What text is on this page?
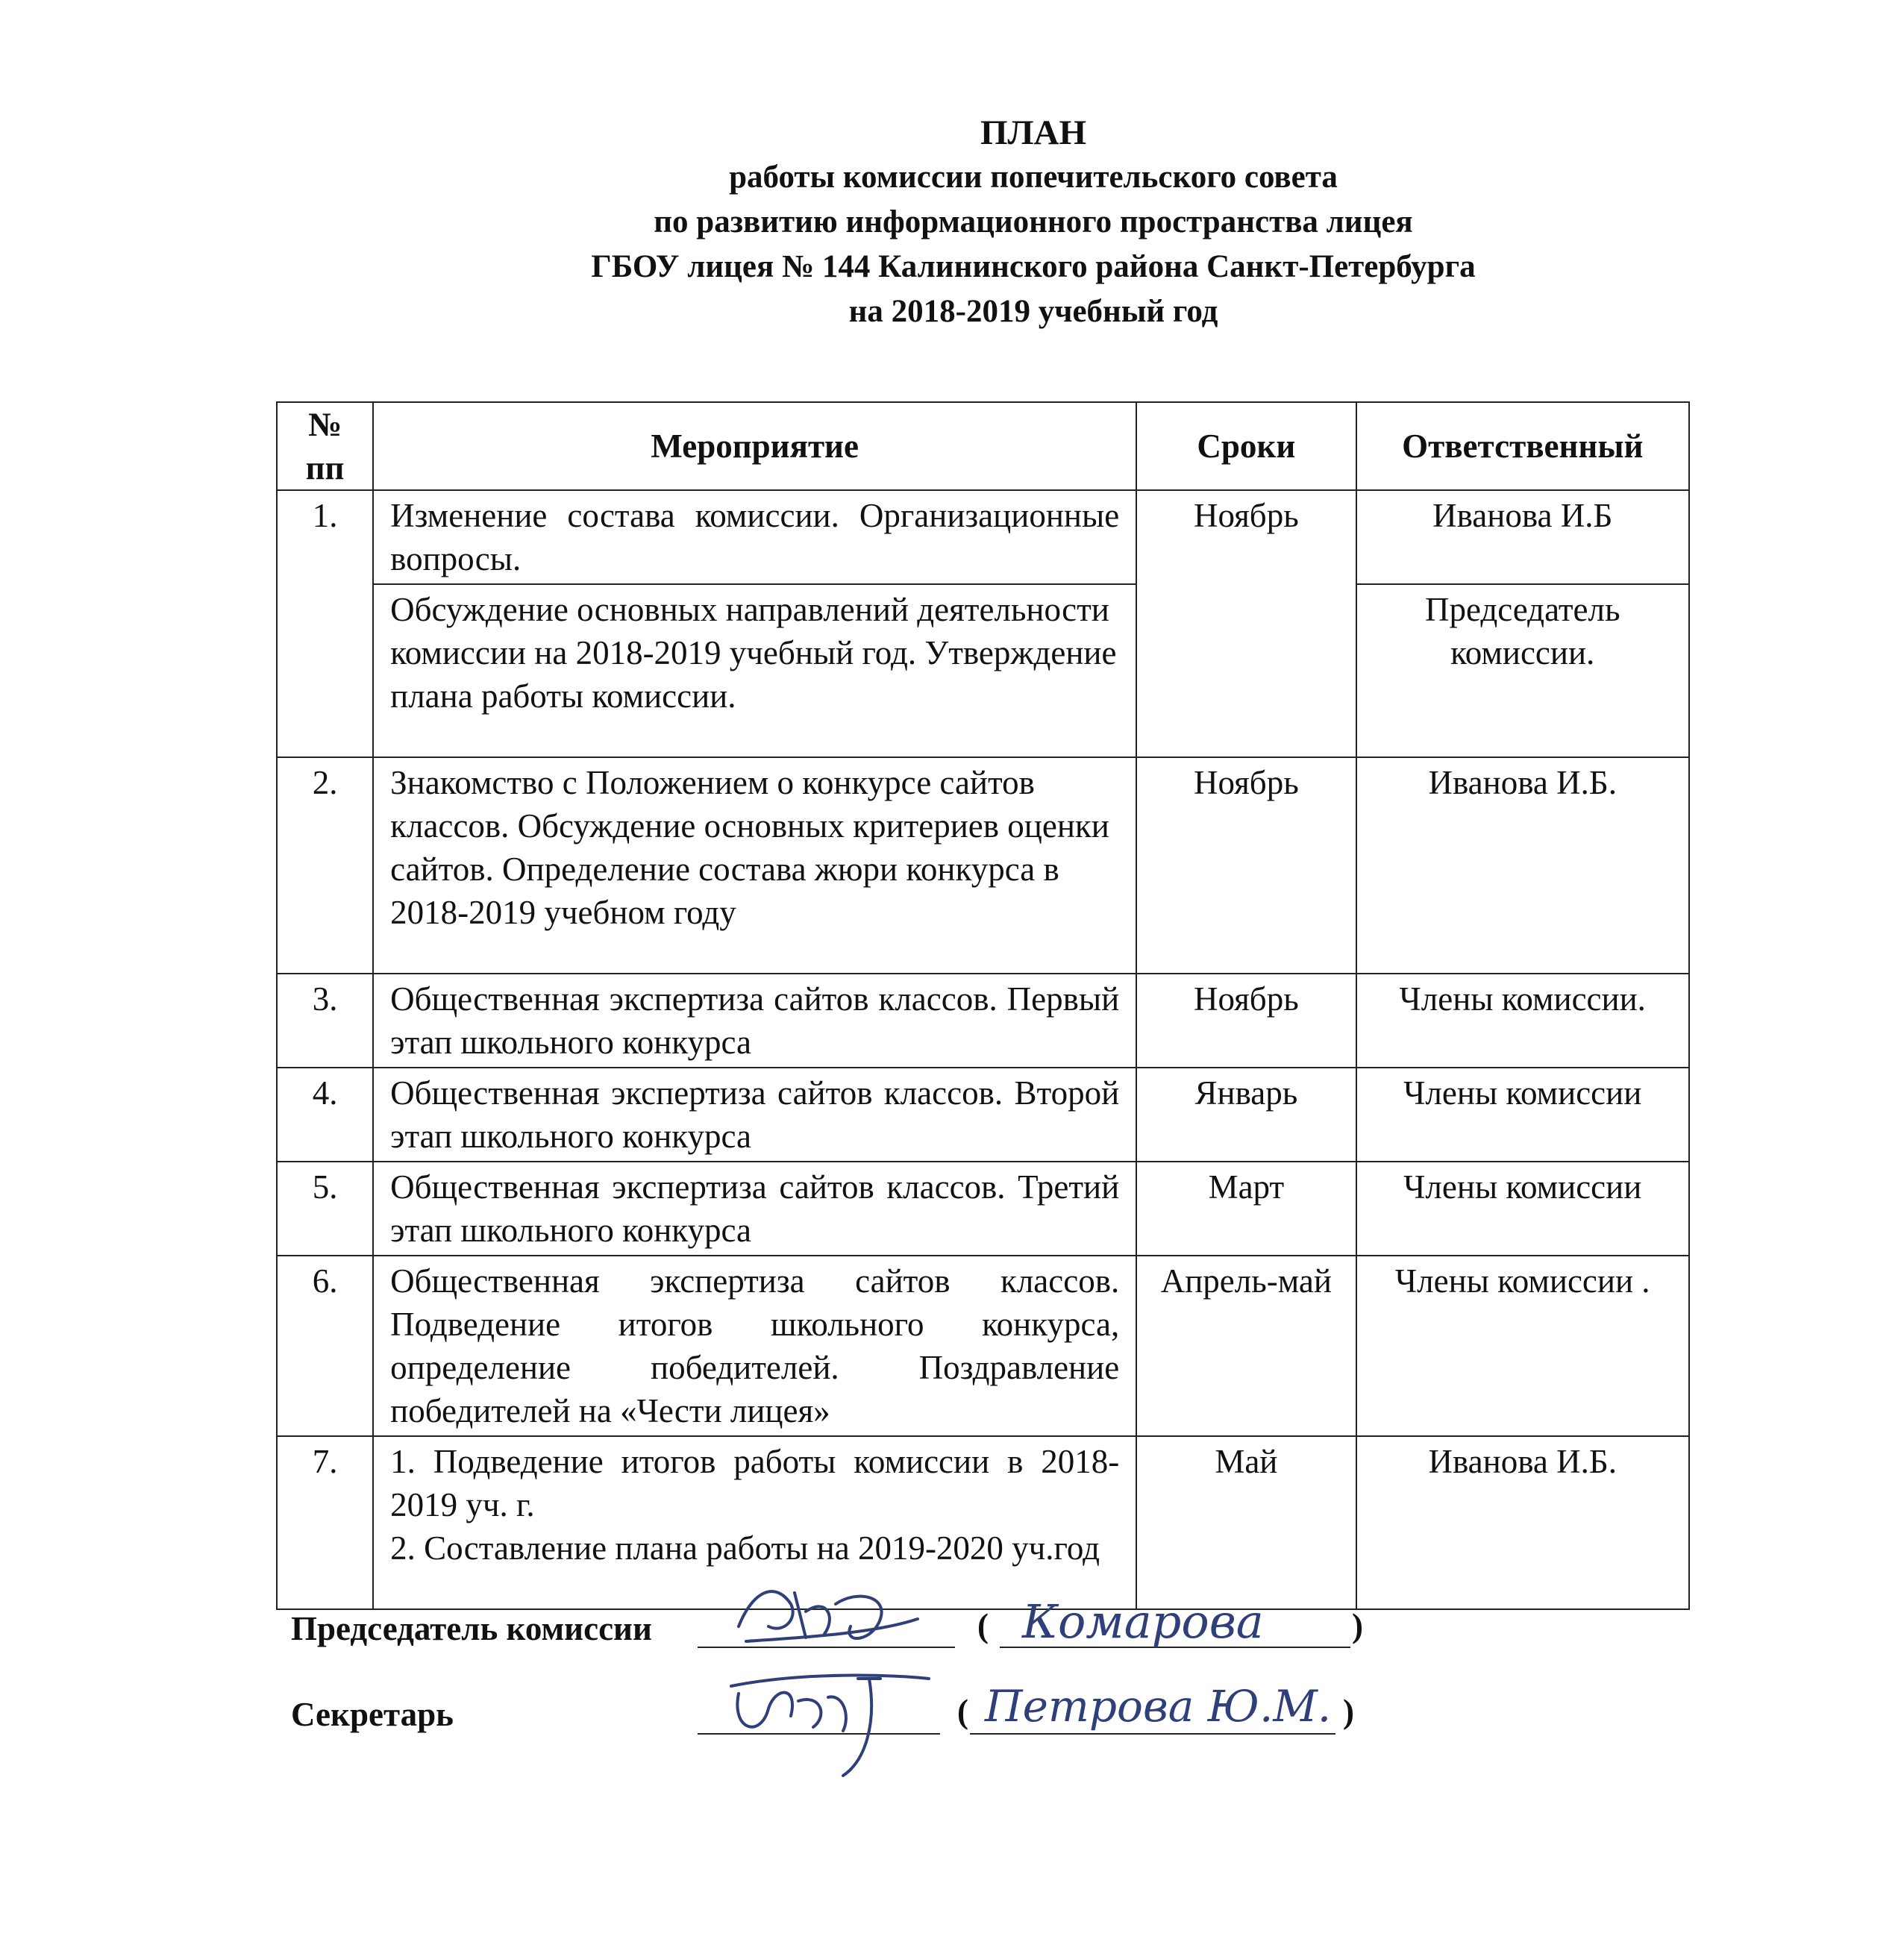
ПЛАН
работы комиссии попечительского совета
по развитию информационного пространства лицея
ГБОУ лицея № 144 Калининского района Санкт-Петербурга
на 2018-2019 учебный год
№ пп	Мероприятие	Сроки	Ответственный
1.	Изменение состава комиссии. Организационные вопросы.	Ноябрь	Иванова И.Б
	Обсуждение основных направлений деятельности комиссии на 2018-2019 учебный год. Утверждение плана работы комиссии.		Председатель комиссии.
2.	Знакомство с Положением о конкурсе сайтов классов. Обсуждение основных критериев оценки сайтов. Определение состава жюри конкурса в 2018-2019 учебном году	Ноябрь	Иванова И.Б.
3.	Общественная экспертиза сайтов классов. Первый этап школьного конкурса	Ноябрь	Члены комиссии.
4.	Общественная экспертиза сайтов классов. Второй этап школьного конкурса	Январь	Члены комиссии
5.	Общественная экспертиза сайтов классов. Третий этап школьного конкурса	Март	Члены комиссии
6.	Общественная экспертиза сайтов классов. Подведение итогов школьного конкурса, определение победителей. Поздравление победителей на «Чести лицея»	Апрель-май	Члены комиссии .
7.	1. Подведение итогов работы комиссии в 2018-2019 уч. г.
2. Составление плана работы на 2019-2020 уч.год	Май	Иванова И.Б.
Председатель комиссии	( Комарова	)
Секретарь	( Петрова Ю.М. )
